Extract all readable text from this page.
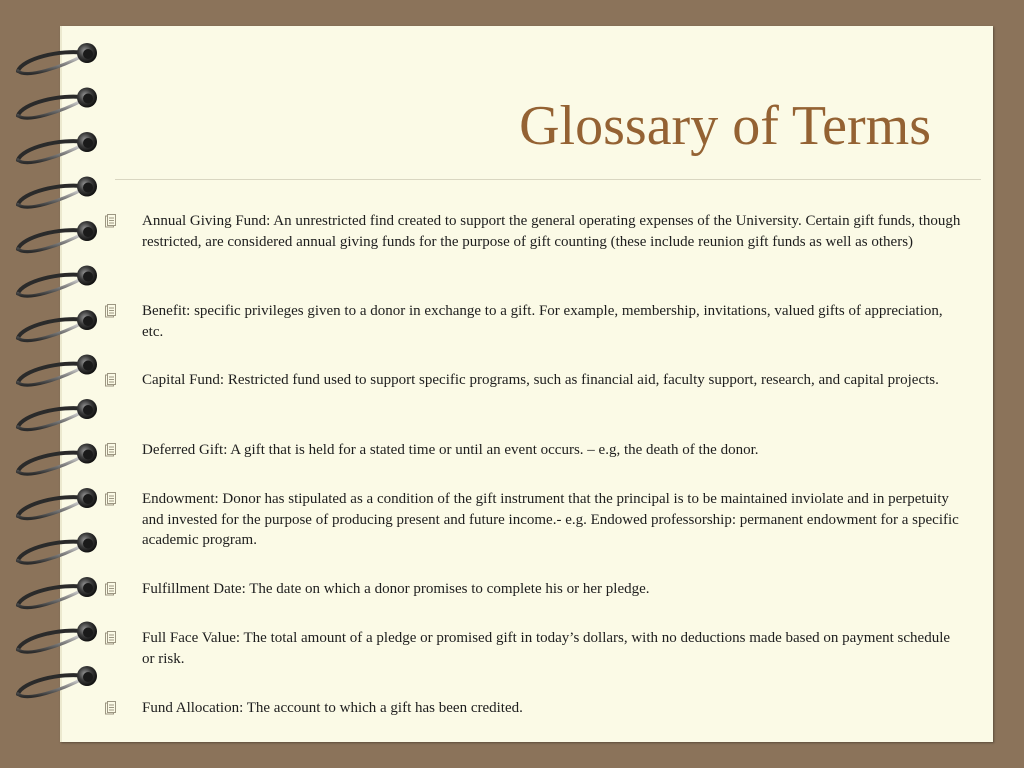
Glossary of Terms
Annual Giving Fund: An unrestricted find created to support the general operating expenses of the University. Certain gift funds, though restricted, are considered annual giving funds for the purpose of gift counting (these include reunion gift funds as well as others)
Benefit: specific privileges given to a donor in exchange to a gift. For example, membership, invitations, valued gifts of appreciation, etc.
Capital Fund: Restricted fund used to support specific programs, such as financial aid, faculty support, research, and capital projects.
Deferred Gift: A gift that is held for a stated time or until an event occurs. – e.g, the death of the donor.
Endowment: Donor has stipulated as a condition of the gift instrument that the principal is to be maintained inviolate and in perpetuity and invested for the purpose of producing present and future income.- e.g. Endowed professorship: permanent endowment for a specific academic program.
Fulfillment Date: The date on which a donor promises to complete his or her pledge.
Full Face Value: The total amount of a pledge or promised gift in today’s dollars, with no deductions made based on payment schedule or risk.
Fund Allocation: The account to which a gift has been credited.
